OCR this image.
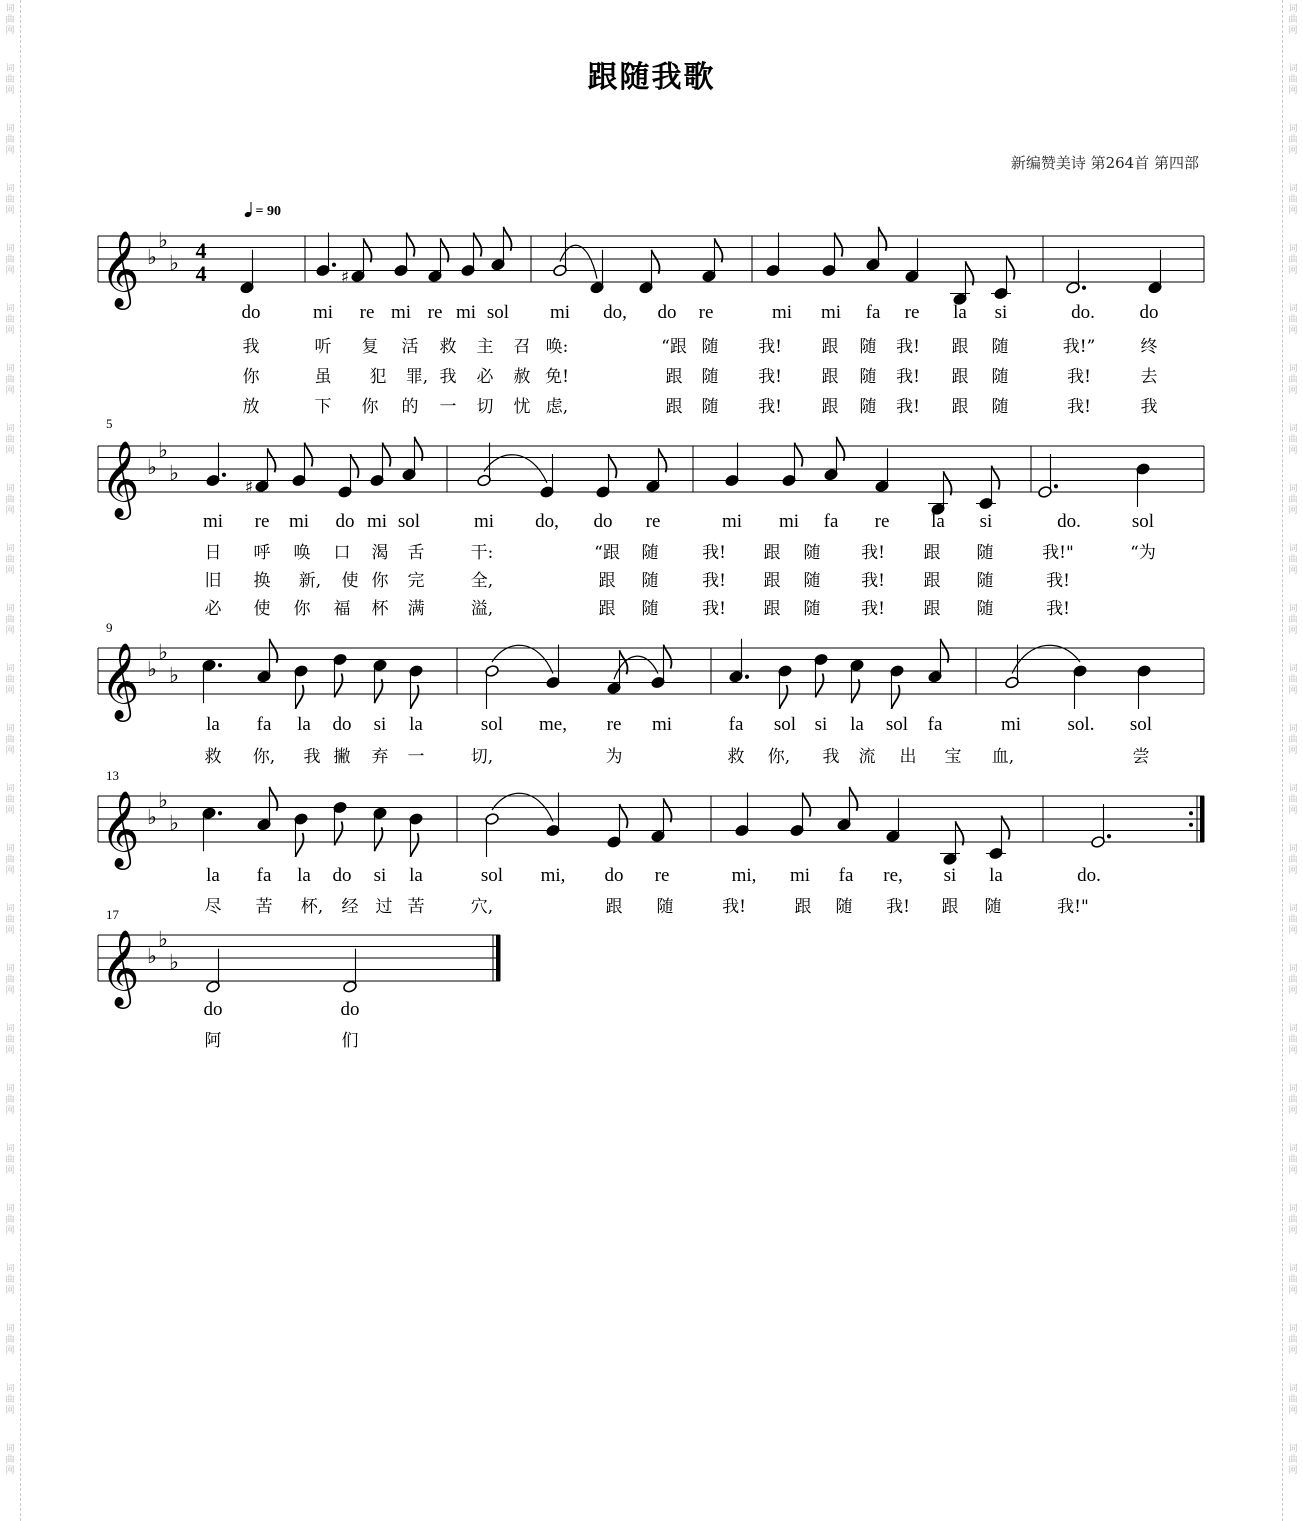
词
曲
网
词
曲
网
词
曲
网
词
曲
网
词
曲
网
词
曲
网
词
曲
网
词
曲
网
词
曲
网
词
曲
网
词
曲
网
词
曲
网
词
曲
网
词
曲
网
词
曲
网
词
曲
网
词
曲
网
词
曲
网
词
曲
网
词
曲
网
词
曲
网
词
曲
网
词
曲
网
词
曲
网
词
曲
网
词
曲
网
词
曲
网
词
曲
网
词
曲
网
词
曲
网
词
曲
网
词
曲
网
词
曲
网
词
曲
网
词
曲
网
词
曲
网
词
曲
网
词
曲
网
词
曲
网
词
曲
网
词
曲
网
词
曲
网
词
曲
网
词
曲
网
词
曲
网
词
曲
网
词
曲
网
词
曲
网
词
曲
网
词
曲
网
跟随我歌
新编赞美诗 第264首 第四部
= 90
𝄞 ♭
♭
♭ 4
4	♯
𝄞 ♭
♭
♭
♯
𝄞 ♭
♭
♭
𝄞 ♭
♭
♭
𝄞 ♭
♭
♭
do	mi re mi re mi sol mi do, do re	mi mi fa re la si	do. do
我	听 复 活 救 主 召 唤:	“跟 随 我! 跟 随 我! 跟 随	我!”	终
你	虽 犯 罪, 我 必 赦 免!	跟 随 我! 跟 随 我! 跟 随	我!	去
放	下 你 的 一 切 忧 虑,	跟 随 我! 跟 随 我! 跟 随	我!	我
5
mi re mi do mi sol	mi do, do re	mi mi fa re la si	do.	sol
日 呼 唤 口 渴 舌	干:	“跟 随	我! 跟 随 我! 跟 随	我!"	“为
旧 换 新, 使 你 完	全,	跟 随	我! 跟 随 我! 跟 随	我!
必 使 你 福 杯 满	溢,	跟 随	我! 跟 随 我! 跟 随	我!
9
la fa la do si la	sol me, re mi	fa sol si la sol fa	mi sol. sol
救 你, 我 撇 弃 一	切,	为	救 你, 我 流 出 宝 血,	尝
13
la fa la do si la	sol mi, do re	mi, mi fa re, si la	do.
尽 苦 杯, 经 过 苦	穴,	跟 随	我!	跟 随 我! 跟 随	我!"
17
do	do
阿	们
